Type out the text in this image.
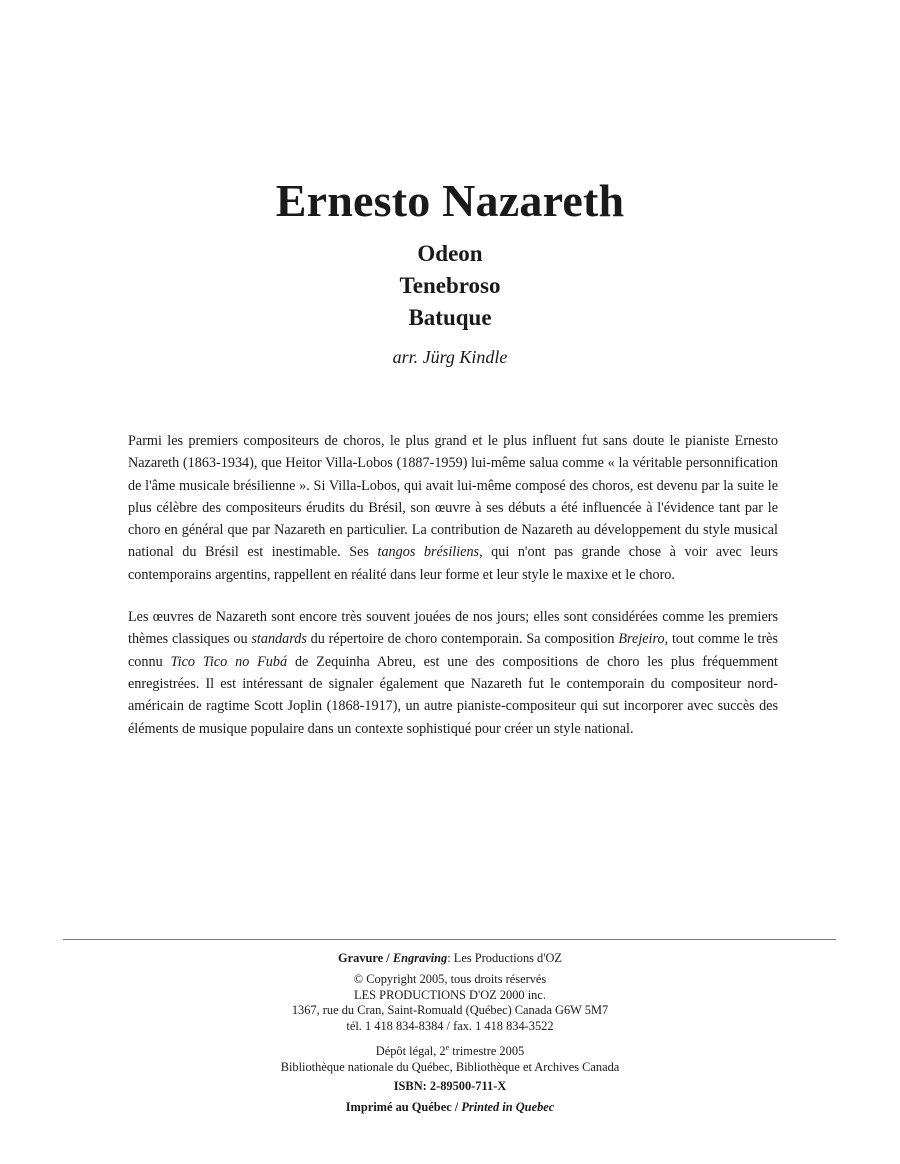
Ernesto Nazareth
Odeon
Tenebroso
Batuque
arr. Jürg Kindle

Parmi les premiers compositeurs de choros, le plus grand et le plus influent fut sans doute le pianiste Ernesto Nazareth (1863-1934), que Heitor Villa-Lobos (1887-1959) lui-même salua comme « la véritable personnification de l'âme musicale brésilienne ». Si Villa-Lobos, qui avait lui-même composé des choros, est devenu par la suite le plus célèbre des compositeurs érudits du Brésil, son œuvre à ses débuts a été influencée à l'évidence tant par le choro en général que par Nazareth en particulier. La contribution de Nazareth au développement du style musical national du Brésil est inestimable. Ses tangos brésiliens, qui n'ont pas grande chose à voir avec leurs contemporains argentins, rappellent en réalité dans leur forme et leur style le maxixe et le choro.

Les œuvres de Nazareth sont encore très souvent jouées de nos jours; elles sont considérées comme les premiers thèmes classiques ou standards du répertoire de choro contemporain. Sa composition Brejeiro, tout comme le très connu Tico Tico no Fubá de Zequinha Abreu, est une des compositions de choro les plus fréquemment enregistrées. Il est intéressant de signaler également que Nazareth fut le contemporain du compositeur nord-américain de ragtime Scott Joplin (1868-1917), un autre pianiste-compositeur qui sut incorporer avec succès des éléments de musique populaire dans un contexte sophistiqué pour créer un style national.

Gravure / Engraving: Les Productions d'OZ
© Copyright 2005, tous droits réservés
LES PRODUCTIONS D'OZ 2000 inc.
1367, rue du Cran, Saint-Romuald (Québec) Canada G6W 5M7
tél. 1 418 834-8384 / fax. 1 418 834-3522
Dépôt légal, 2e trimestre 2005
Bibliothèque nationale du Québec, Bibliothèque et Archives Canada
ISBN: 2-89500-711-X
Imprimé au Québec / Printed in Quebec
